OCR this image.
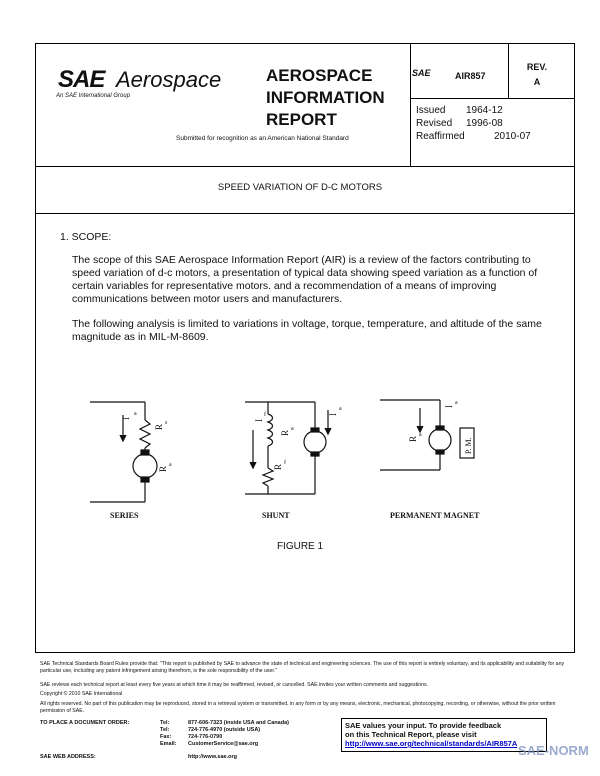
SAE Aerospace
An SAE International Group
AEROSPACE
INFORMATION
REPORT
Submitted for recognition as an American National Standard
SAE	AIR857
REV.
A
Issued 1964-12
Revised 1996-08
Reaffirmed	2010-07
SPEED VARIATION OF D-C MOTORS
1. SCOPE:
The scope of this SAE Aerospace Information Report (AIR) is a review of the factors contributing to speed variation of d-c motors, a presentation of typical data showing speed variation as a function of certain variables for representative motors. and a recommendation of a means of improving communications between motor users and manufacturers.
The following analysis is limited to variations in voltage, torque, temperature, and altitude of the same magnitude as in MIL-M-8609.
I
a
R
s
R
a
I
f
R
a
R
f
I
a
P. M.
R
a
I
a
SERIES	SHUNT	PERMANENT MAGNET
FIGURE 1
SAE Technical Standards Board Rules provide that: "This report is published by SAE to advance the state of technical and engineering sciences. The use of this report is entirely voluntary, and its applicability and suitability for any particular use, including any patent infringement arising therefrom, is the sole responsibility of the user."
SAE reviews each technical report at least every five years at which time it may be reaffirmed, revised, or cancelled. SAE invites your written comments and suggestions.
Copyright © 2010 SAE International
All rights reserved. No part of this publication may be reproduced, stored in a retrieval system or transmitted, in any form or by any means, electronic, mechanical, photocopying, recording, or otherwise, without the prior written permission of SAE.
TO PLACE A DOCUMENT ORDER:	Tel:	877-606-7323 (inside USA and Canada)
Tel:	724-776-4970 (outside USA)
Fax:	724-776-0790
Email: CustomerService@sae.org
SAE WEB ADDRESS:	http://www.sae.org
SAE values your input. To provide feedback
on this Technical Report, please visit
http://www.sae.org/technical/standards/AIR857A SAE-NORM
